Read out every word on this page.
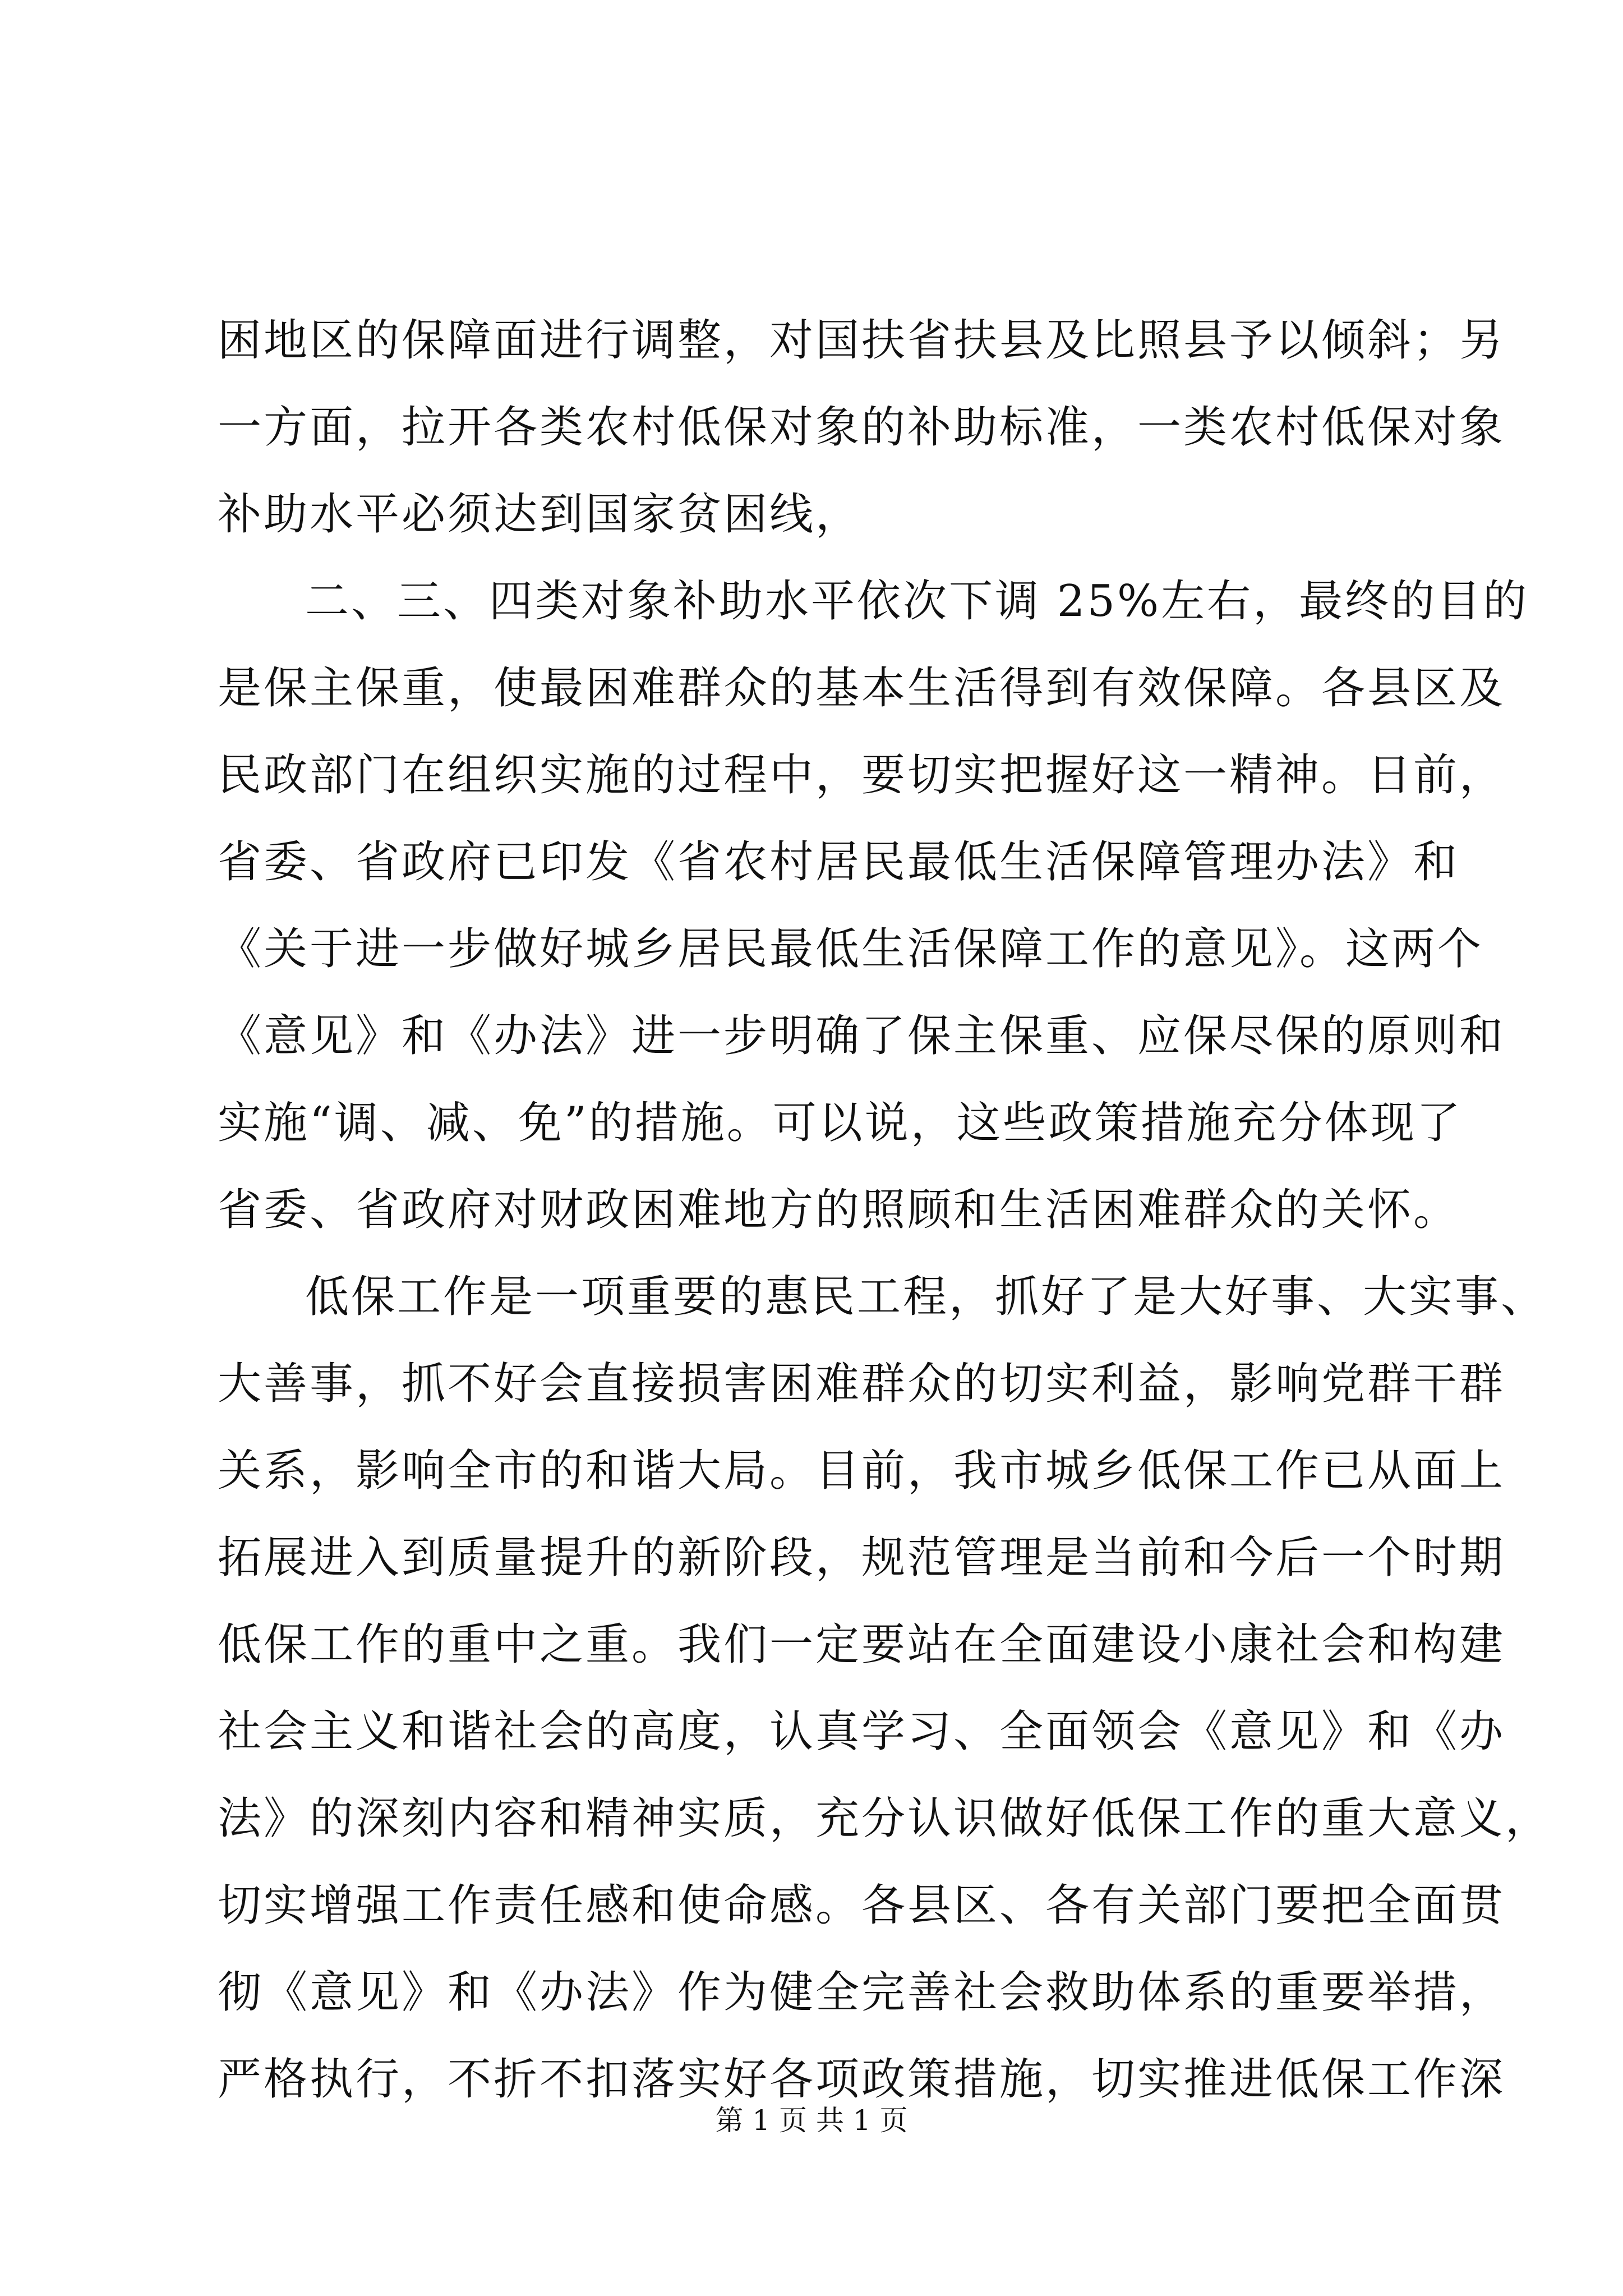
困地区的保障面进行调整，对国扶省扶县及比照县予以倾斜；另
一方面，拉开各类农村低保对象的补助标准，一类农村低保对象
补助水平必须达到国家贫困线，
二、三、四类对象补助水平依次下调 25%左右，最终的目的
是保主保重，使最困难群众的基本生活得到有效保障。各县区及
民政部门在组织实施的过程中，要切实把握好这一精神。日前，
省委、省政府已印发《省农村居民最低生活保障管理办法》和
《关于进一步做好城乡居民最低生活保障工作的意见》。这两个
《意见》和《办法》进一步明确了保主保重、应保尽保的原则和
实施“调、减、免”的措施。可以说，这些政策措施充分体现了
省委、省政府对财政困难地方的照顾和生活困难群众的关怀。
低保工作是一项重要的惠民工程，抓好了是大好事、大实事、
大善事，抓不好会直接损害困难群众的切实利益，影响党群干群
关系，影响全市的和谐大局。目前，我市城乡低保工作已从面上
拓展进入到质量提升的新阶段，规范管理是当前和今后一个时期
低保工作的重中之重。我们一定要站在全面建设小康社会和构建
社会主义和谐社会的高度，认真学习、全面领会《意见》和《办
法》的深刻内容和精神实质，充分认识做好低保工作的重大意义，
切实增强工作责任感和使命感。各县区、各有关部门要把全面贯
彻《意见》和《办法》作为健全完善社会救助体系的重要举措，
严格执行，不折不扣落实好各项政策措施，切实推进低保工作深
第 1 页 共 1 页
